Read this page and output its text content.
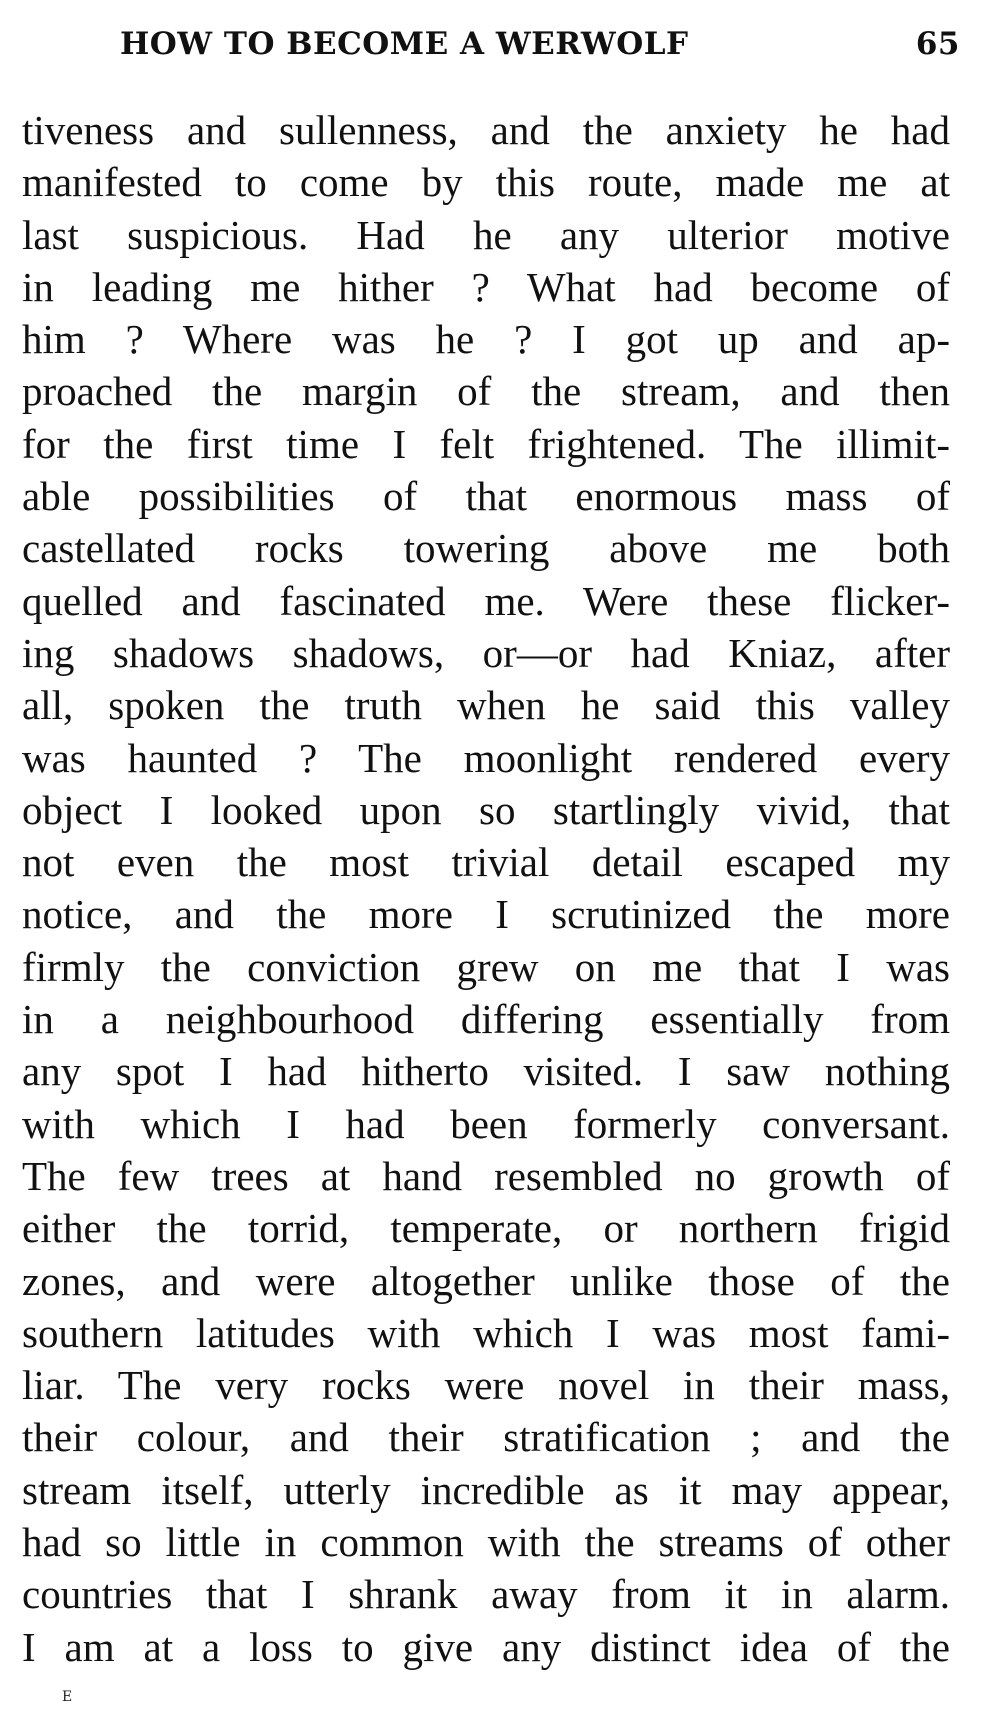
HOW TO BECOME A WERWOLF	65
tiveness and sullenness, and the anxiety he had
manifested to come by this route, made me at
last suspicious. Had he any ulterior motive
in leading me hither ? What had become of
him ? Where was he ? I got up and ap-
proached the margin of the stream, and then
for the first time I felt frightened. The illimit-
able possibilities of that enormous mass of
castellated rocks towering above me both
quelled and fascinated me. Were these flicker-
ing shadows shadows, or—or had Kniaz, after
all, spoken the truth when he said this valley
was haunted ? The moonlight rendered every
object I looked upon so startlingly vivid, that
not even the most trivial detail escaped my
notice, and the more I scrutinized the more
firmly the conviction grew on me that I was
in a neighbourhood differing essentially from
any spot I had hitherto visited. I saw nothing
with which I had been formerly conversant.
The few trees at hand resembled no growth of
either the torrid, temperate, or northern frigid
zones, and were altogether unlike those of the
southern latitudes with which I was most fami-
liar. The very rocks were novel in their mass,
their colour, and their stratification ; and the
stream itself, utterly incredible as it may appear,
had so little in common with the streams of other
countries that I shrank away from it in alarm.
I am at a loss to give any distinct idea of the
E
